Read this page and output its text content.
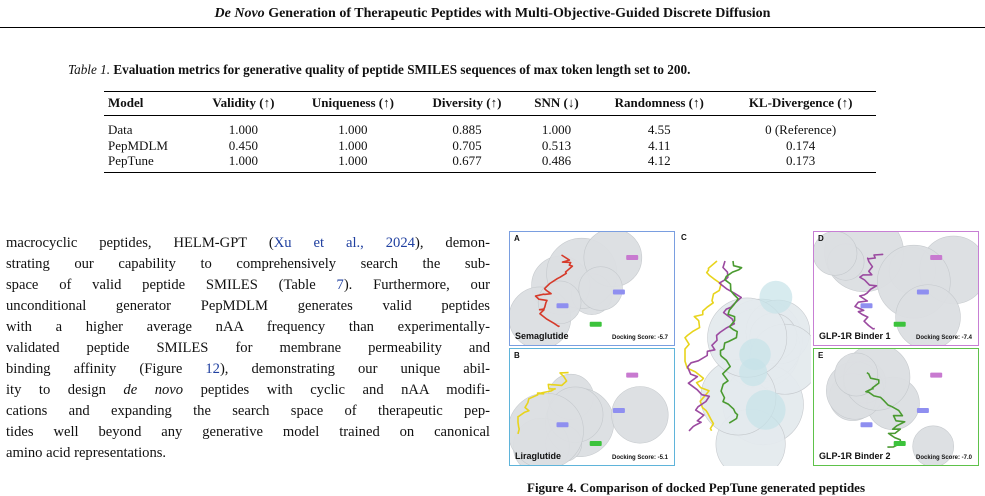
De Novo Generation of Therapeutic Peptides with Multi-Objective-Guided Discrete Diffusion
Table 1. Evaluation metrics for generative quality of peptide SMILES sequences of max token length set to 200.
Model	Validity (↑)	Uniqueness (↑)	Diversity (↑)	SNN (↓)	Randomness (↑)	KL-Divergence (↑)
Data	1.000	1.000	0.885	1.000	4.55	0 (Reference)
PepMDLM	0.450	1.000	0.705	0.513	4.11	0.174
PepTune	1.000	1.000	0.677	0.486	4.12	0.173
macrocyclic peptides, HELM-GPT (Xu et al., 2024), demon-
strating our capability to comprehensively search the sub-
space of valid peptide SMILES (Table 7). Furthermore, our
unconditional generator PepMDLM generates valid peptides
with a higher average nAA frequency than experimentally-
validated peptide SMILES for membrane permeability and
binding affinity (Figure 12), demonstrating our unique abil-
ity to design de novo peptides with cyclic and nAA modifi-
cations and expanding the search space of therapeutic pep-
tides well beyond any generative model trained on canonical
amino acid representations.
A
Semaglutide	Docking Score: -5.7
B
Liraglutide	Docking Score: -5.1
C	D
GLP-1R Binder 1	Docking Score: -7.4
E
GLP-1R Binder 2	Docking Score: -7.0
Figure 4. Comparison of docked PepTune generated peptides
